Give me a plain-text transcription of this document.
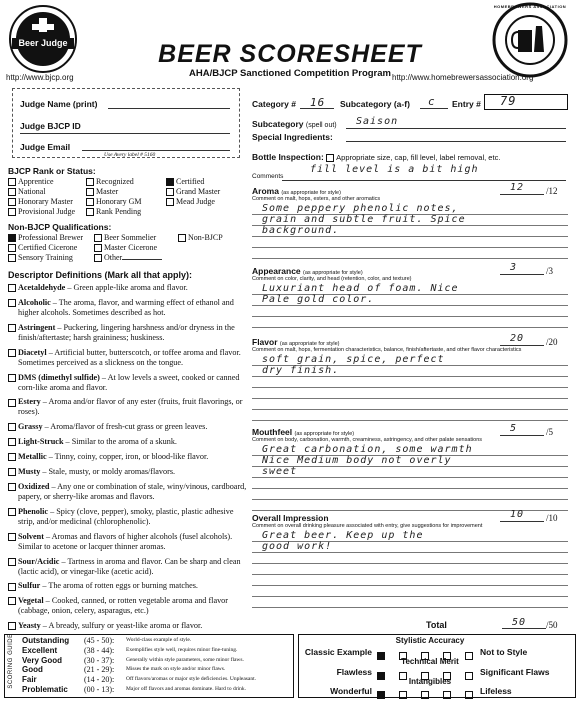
Beer Judge
HOMEBREWERS ASSOCIATION
BEER SCORESHEET
AHA/BJCP Sanctioned Competition Program
http://www.bjcp.org	http://www.homebrewersassociation.org
Judge Name (print)
Judge BJCP ID
Judge Email
Use Avery label # 5160
BJCP Rank or Status:
Apprentice	Recognized	Certified
National	Master	Grand Master
Honorary Master	Honorary GM	Mead Judge
Provisional Judge	Rank Pending
Non-BJCP Qualifications:
Professional Brewer	Beer Sommelier	Non-BJCP
Certified Cicerone	Master Cicerone
Sensory Training	Other
Descriptor Definitions (Mark all that apply):
Acetaldehyde – Green apple-like aroma and flavor.
Alcoholic – The aroma, flavor, and warming effect of ethanol and higher alcohols. Sometimes described as hot.
Astringent – Puckering, lingering harshness and/or dryness in the finish/aftertaste; harsh graininess; huskiness.
Diacetyl – Artificial butter, butterscotch, or toffee aroma and flavor. Sometimes perceived as a slickness on the tongue.
DMS (dimethyl sulfide) – At low levels a sweet, cooked or canned corn-like aroma and flavor.
Estery – Aroma and/or flavor of any ester (fruits, fruit flavorings, or roses).
Grassy – Aroma/flavor of fresh-cut grass or green leaves.
Light-Struck – Similar to the aroma of a skunk.
Metallic – Tinny, coiny, copper, iron, or blood-like flavor.
Musty – Stale, musty, or moldy aromas/flavors.
Oxidized – Any one or combination of stale, winy/vinous, cardboard, papery, or sherry-like aromas and flavors.
Phenolic – Spicy (clove, pepper), smoky, plastic, plastic adhesive strip, and/or medicinal (chlorophenolic).
Solvent – Aromas and flavors of higher alcohols (fusel alcohols). Similar to acetone or lacquer thinner aromas.
Sour/Acidic – Tartness in aroma and flavor. Can be sharp and clean (lactic acid), or vinegar-like (acetic acid).
Sulfur – The aroma of rotten eggs or burning matches.
Vegetal – Cooked, canned, or rotten vegetable aroma and flavor (cabbage, onion, celery, asparagus, etc.)
Yeasty – A bready, sulfury or yeast-like aroma or flavor.
Category # 16 Subcategory (a-f) c Entry # 79
Subcategory (spell out) Saison
Special Ingredients:
Bottle Inspection: Appropriate size, cap, fill level, label removal, etc.
Comments
fill level is a bit high
Aroma (as appropriate for style)
Comment on malt, hops, esters, and other aromatics
12 /12
Some peppery phenolic notes,
grain and subtle fruit. Spice
background.
Appearance (as appropriate for style)
Comment on color, clarity, and head (retention, color, and texture)
3	/3
Luxuriant head of foam. Nice
Pale gold color.
Flavor (as appropriate for style)
Comment on malt, hops, fermentation characteristics, balance, finish/aftertaste, and other flavor characteristics
20 /20
soft grain, spice, perfect
dry finish.
Mouthfeel (as appropriate for style)
Comment on body, carbonation, warmth, creaminess, astringency, and other palate sensations
5	/5
Great carbonation, some warmth
Nice Medium body not overly
sweet
Overall Impression
Comment on overall drinking pleasure associated with entry, give suggestions for improvement
10 /10
Great beer. Keep up the
good work!
Total	50 /50
SCORING GUIDE Outstanding	(45 - 50):	World-class example of style.
Excellent	(38 - 44):	Exemplifies style well, requires minor fine-tuning.
Very Good	(30 - 37):	Generally within style parameters, some minor flaws.
Good	(21 - 29):	Misses the mark on style and/or minor flaws.
Fair	(14 - 20):	Off flavors/aromas or major style deficiencies. Unpleasant.
Problematic	(00 - 13):	Major off flavors and aromas dominate. Hard to drink.
Stylistic Accuracy
Technical Merit
Intangibles
Classic Example
Flawless
Wonderful
Not to Style
Significant Flaws
Lifeless
